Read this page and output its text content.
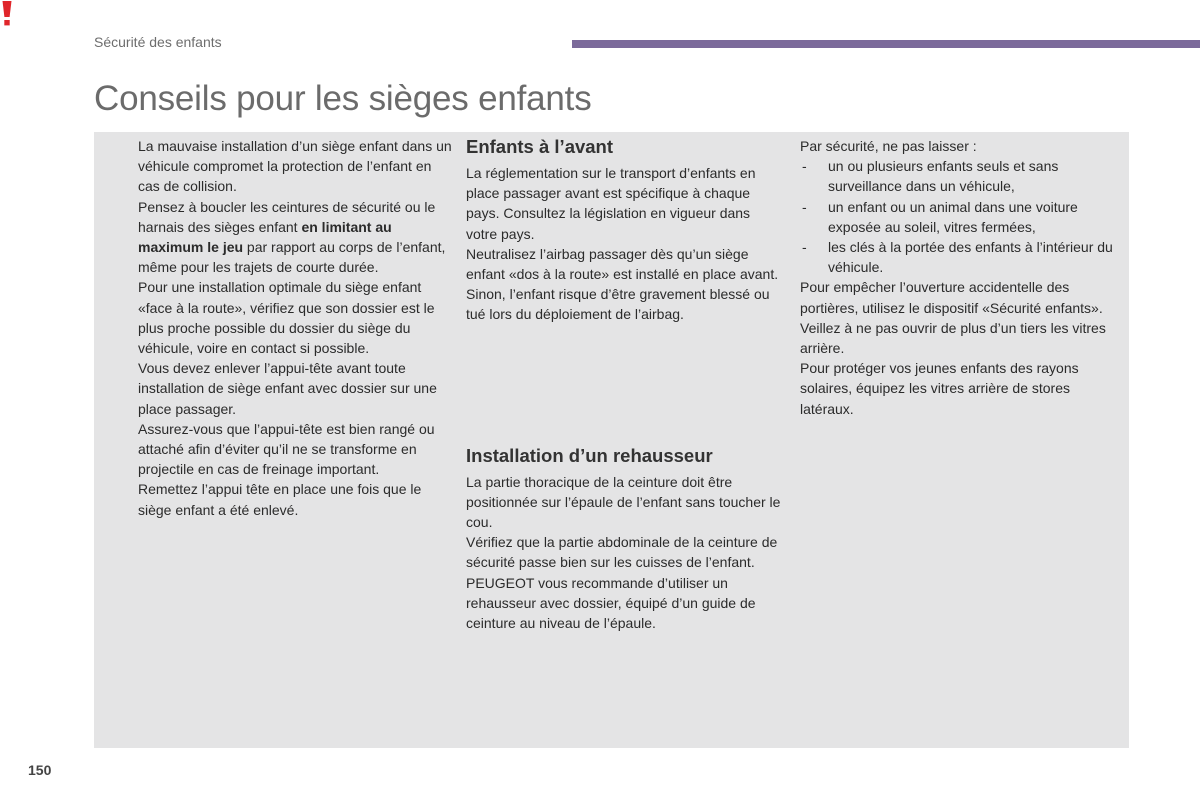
Sécurité des enfants
Conseils pour les sièges enfants

La mauvaise installation d’un siège enfant dans un véhicule compromet la protection de l’enfant en cas de collision.

Pensez à boucler les ceintures de sécurité ou le harnais des sièges enfant en limitant au maximum le jeu par rapport au corps de l’enfant, même pour les trajets de courte durée.

Pour une installation optimale du siège enfant «face à la route», vérifiez que son dossier est le plus proche possible du dossier du siège du véhicule, voire en contact si possible.

Vous devez enlever l’appui-tête avant toute installation de siège enfant avec dossier sur une place passager.

Assurez-vous que l’appui-tête est bien rangé ou attaché afin d’éviter qu’il ne se transforme en projectile en cas de freinage important.

Remettez l’appui tête en place une fois que le siège enfant a été enlevé.

Enfants à l’avant

La réglementation sur le transport d’enfants en place passager avant est spécifique à chaque pays. Consultez la législation en vigueur dans votre pays.

Neutralisez l’airbag passager dès qu’un siège enfant «dos à la route» est installé en place avant. Sinon, l’enfant risque d’être gravement blessé ou tué lors du déploiement de l’airbag.

Installation d’un rehausseur

La partie thoracique de la ceinture doit être positionnée sur l’épaule de l’enfant sans toucher le cou.

Vérifiez que la partie abdominale de la ceinture de sécurité passe bien sur les cuisses de l’enfant.

PEUGEOT vous recommande d’utiliser un rehausseur avec dossier, équipé d’un guide de ceinture au niveau de l’épaule.

Par sécurité, ne pas laisser :

- un ou plusieurs enfants seuls et sans surveillance dans un véhicule,
- un enfant ou un animal dans une voiture exposée au soleil, vitres fermées,
- les clés à la portée des enfants à l’intérieur du véhicule.

Pour empêcher l’ouverture accidentelle des portières, utilisez le dispositif «Sécurité enfants».

Veillez à ne pas ouvrir de plus d’un tiers les vitres arrière.

Pour protéger vos jeunes enfants des rayons solaires, équipez les vitres arrière de stores latéraux.

150
